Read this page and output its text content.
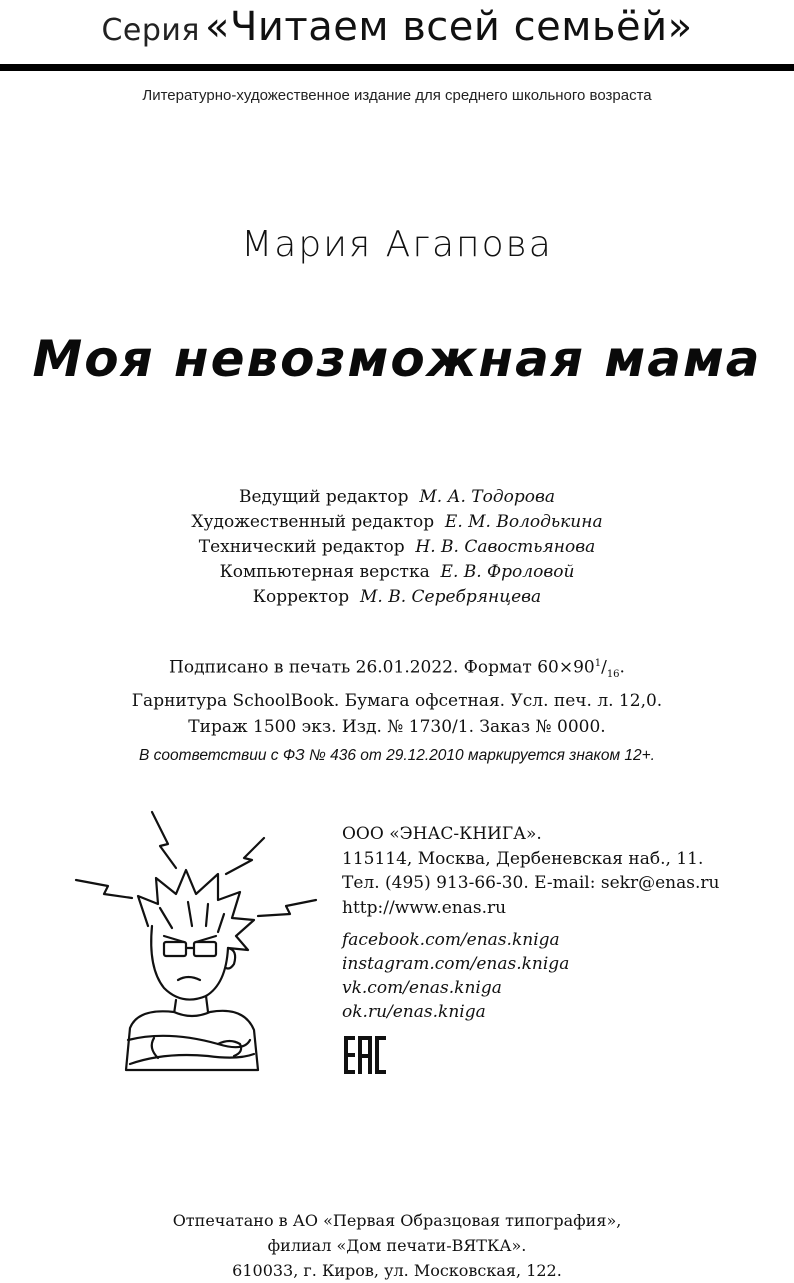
Серия «Читаем всей семьёй»
Литературно-художественное издание для среднего школьного возраста
Мария Агапова
Моя невозможная мама
Ведущий редактор М. А. Тодорова
Художественный редактор Е. М. Володькина
Технический редактор Н. В. Савостьянова
Компьютерная верстка Е. В. Фроловой
Корректор М. В. Серебрянцева
Подписано в печать 26.01.2022. Формат $60\times 90^1/_{16}$.
Гарнитура SchoolBook. Бумага офсетная. Усл. печ. л. 12,0.
Тираж 1500 экз. Изд. № 1730/1. Заказ № 0000.
В соответствии с ФЗ № 436 от 29.12.2010 маркируется знаком 12+.
ООО «ЭНАС-КНИГА».
115114, Москва, Дербеневская наб., 11.
Тел. (495) 913-66-30. E-mail: sekr@enas.ru
http://www.enas.ru
facebook.com/enas.kniga
instagram.com/enas.kniga
vk.com/enas.kniga
ok.ru/enas.kniga
Отпечатано в АО «Первая Образцовая типография»,
филиал «Дом печати-ВЯТКА».
610033, г. Киров, ул. Московская, 122.
